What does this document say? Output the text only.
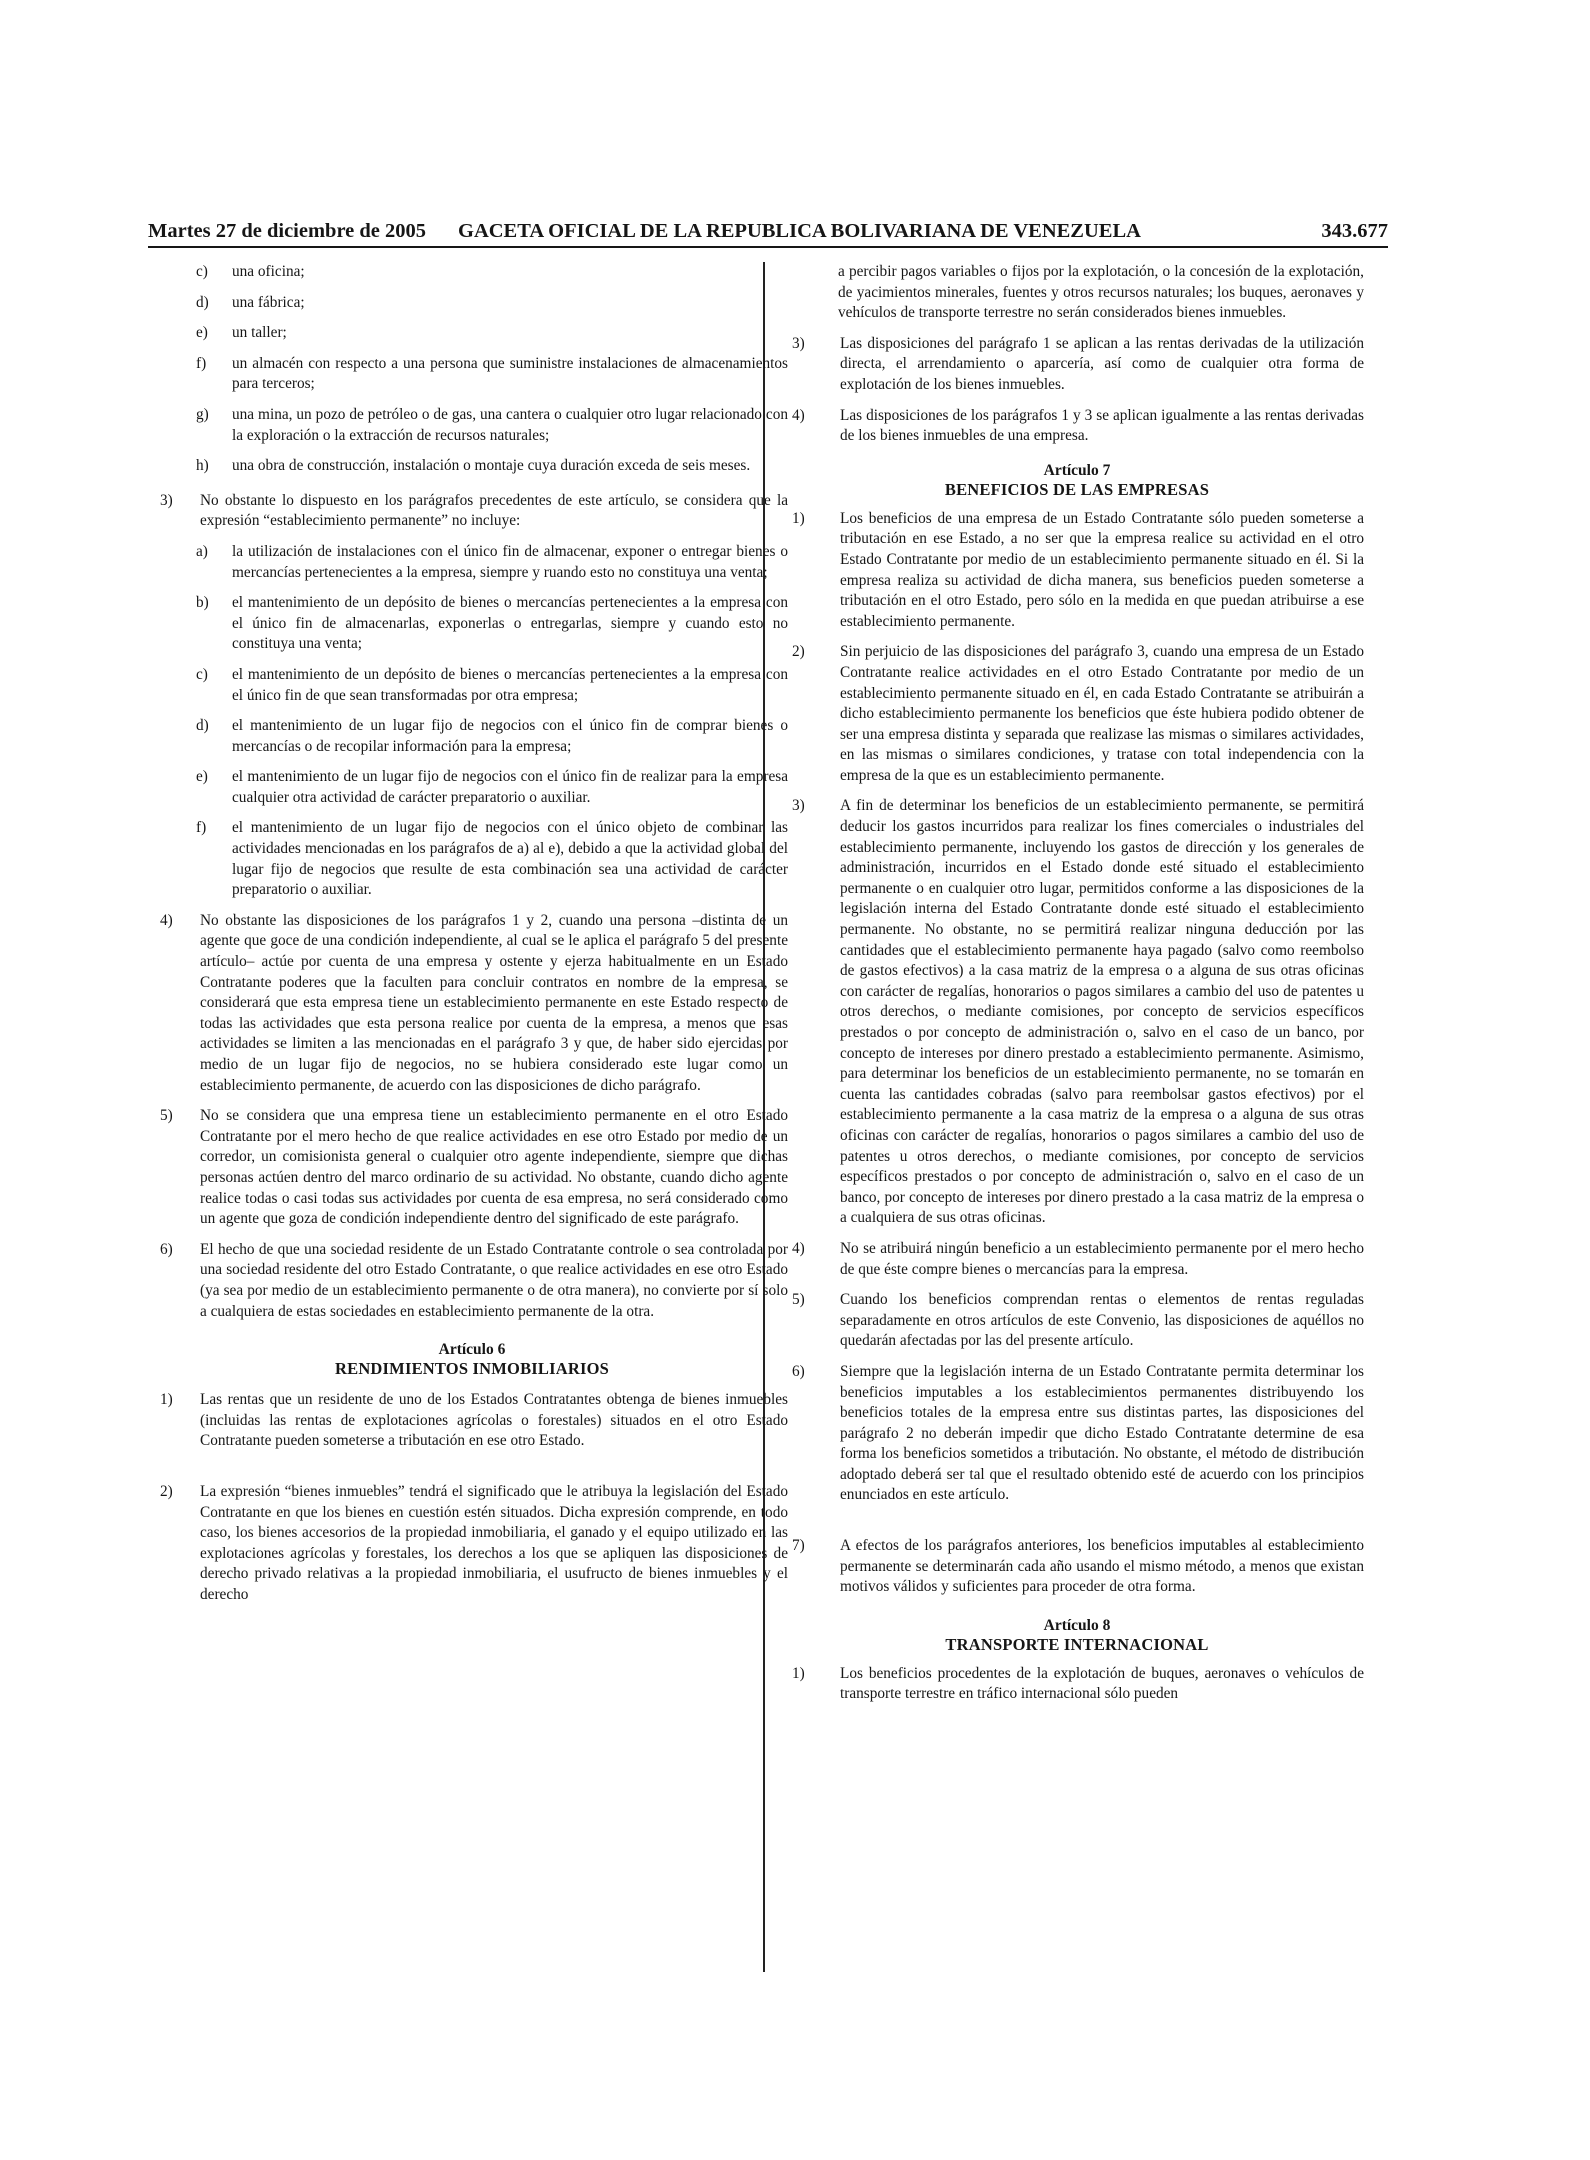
Martes 27 de diciembre de 2005 GACETA OFICIAL DE LA REPUBLICA BOLIVARIANA DE VENEZUELA	343.677
c)	una oficina;
d)	una fábrica;
e)	un taller;
f)	un almacén con respecto a una persona que suministre instalaciones de almacenamientos para terceros;
g)	una mina, un pozo de petróleo o de gas, una cantera o cualquier otro lugar relacionado con la exploración o la extracción de recursos naturales;
h)	una obra de construcción, instalación o montaje cuya duración exceda de seis meses.
3)	No obstante lo dispuesto en los parágrafos precedentes de este artículo, se considera que la expresión “establecimiento permanente” no incluye:
a)	la utilización de instalaciones con el único fin de almacenar, exponer o entregar bienes o mercancías pertenecientes a la empresa, siempre y ruando esto no constituya una venta;
b)	el mantenimiento de un depósito de bienes o mercancías pertenecientes a la empresa con el único fin de almacenarlas, exponerlas o entregarlas, siempre y cuando esto no constituya una venta;
c)	el mantenimiento de un depósito de bienes o mercancías pertenecientes a la empresa con el único fin de que sean transformadas por otra empresa;
d)	el mantenimiento de un lugar fijo de negocios con el único fin de comprar bienes o mercancías o de recopilar información para la empresa;
e)	el mantenimiento de un lugar fijo de negocios con el único fin de realizar para la empresa cualquier otra actividad de carácter preparatorio o auxiliar.
f)	el mantenimiento de un lugar fijo de negocios con el único objeto de combinar las actividades mencionadas en los parágrafos de a) al e), debido a que la actividad global del lugar fijo de negocios que resulte de esta combinación sea una actividad de carácter preparatorio o auxiliar.
4)	No obstante las disposiciones de los parágrafos 1 y 2, cuando una persona –distinta de un agente que goce de una condición independiente, al cual se le aplica el parágrafo 5 del presente artículo– actúe por cuenta de una empresa y ostente y ejerza habitualmente en un Estado Contratante poderes que la faculten para concluir contratos en nombre de la empresa, se considerará que esta empresa tiene un establecimiento permanente en este Estado respecto de todas las actividades que esta persona realice por cuenta de la empresa, a menos que esas actividades se limiten a las mencionadas en el parágrafo 3 y que, de haber sido ejercidas por medio de un lugar fijo de negocios, no se hubiera considerado este lugar como un establecimiento permanente, de acuerdo con las disposiciones de dicho parágrafo.
5)	No se considera que una empresa tiene un establecimiento permanente en el otro Estado Contratante por el mero hecho de que realice actividades en ese otro Estado por medio de un corredor, un comisionista general o cualquier otro agente independiente, siempre que dichas personas actúen dentro del marco ordinario de su actividad. No obstante, cuando dicho agente realice todas o casi todas sus actividades por cuenta de esa empresa, no será considerado como un agente que goza de condición independiente dentro del significado de este parágrafo.
6)	El hecho de que una sociedad residente de un Estado Contratante controle o sea controlada por una sociedad residente del otro Estado Contratante, o que realice actividades en ese otro Estado (ya sea por medio de un establecimiento permanente o de otra manera), no convierte por sí solo a cualquiera de estas sociedades en establecimiento permanente de la otra.
Artículo 6
RENDIMIENTOS INMOBILIARIOS
1)	Las rentas que un residente de uno de los Estados Contratantes obtenga de bienes inmuebles (incluidas las rentas de explotaciones agrícolas o forestales) situados en el otro Estado Contratante pueden someterse a tributación en ese otro Estado.
2)	La expresión “bienes inmuebles” tendrá el significado que le atribuya la legislación del Estado Contratante en que los bienes en cuestión estén situados. Dicha expresión comprende, en todo caso, los bienes accesorios de la propiedad inmobiliaria, el ganado y el equipo utilizado en las explotaciones agrícolas y forestales, los derechos a los que se apliquen las disposiciones de derecho privado relativas a la propiedad inmobiliaria, el usufructo de bienes inmuebles y el derecho
a percibir pagos variables o fijos por la explotación, o la concesión de la explotación, de yacimientos minerales, fuentes y otros recursos naturales; los buques, aeronaves y vehículos de transporte terrestre no serán considerados bienes inmuebles.
3)	Las disposiciones del parágrafo 1 se aplican a las rentas derivadas de la utilización directa, el arrendamiento o aparcería, así como de cualquier otra forma de explotación de los bienes inmuebles.
4)	Las disposiciones de los parágrafos 1 y 3 se aplican igualmente a las rentas derivadas de los bienes inmuebles de una empresa.
Artículo 7
BENEFICIOS DE LAS EMPRESAS
1)	Los beneficios de una empresa de un Estado Contratante sólo pueden someterse a tributación en ese Estado, a no ser que la empresa realice su actividad en el otro Estado Contratante por medio de un establecimiento permanente situado en él. Si la empresa realiza su actividad de dicha manera, sus beneficios pueden someterse a tributación en el otro Estado, pero sólo en la medida en que puedan atribuirse a ese establecimiento permanente.
2)	Sin perjuicio de las disposiciones del parágrafo 3, cuando una empresa de un Estado Contratante realice actividades en el otro Estado Contratante por medio de un establecimiento permanente situado en él, en cada Estado Contratante se atribuirán a dicho establecimiento permanente los beneficios que éste hubiera podido obtener de ser una empresa distinta y separada que realizase las mismas o similares actividades, en las mismas o similares condiciones, y tratase con total independencia con la empresa de la que es un establecimiento permanente.
3)	A fin de determinar los beneficios de un establecimiento permanente, se permitirá deducir los gastos incurridos para realizar los fines comerciales o industriales del establecimiento permanente, incluyendo los gastos de dirección y los generales de administración, incurridos en el Estado donde esté situado el establecimiento permanente o en cualquier otro lugar, permitidos conforme a las disposiciones de la legislación interna del Estado Contratante donde esté situado el establecimiento permanente. No obstante, no se permitirá realizar ninguna deducción por las cantidades que el establecimiento permanente haya pagado (salvo como reembolso de gastos efectivos) a la casa matriz de la empresa o a alguna de sus otras oficinas con carácter de regalías, honorarios o pagos similares a cambio del uso de patentes u otros derechos, o mediante comisiones, por concepto de servicios específicos prestados o por concepto de administración o, salvo en el caso de un banco, por concepto de intereses por dinero prestado a establecimiento permanente. Asimismo, para determinar los beneficios de un establecimiento permanente, no se tomarán en cuenta las cantidades cobradas (salvo para reembolsar gastos efectivos) por el establecimiento permanente a la casa matriz de la empresa o a alguna de sus otras oficinas con carácter de regalías, honorarios o pagos similares a cambio del uso de patentes u otros derechos, o mediante comisiones, por concepto de servicios específicos prestados o por concepto de administración o, salvo en el caso de un banco, por concepto de intereses por dinero prestado a la casa matriz de la empresa o a cualquiera de sus otras oficinas.
4)	No se atribuirá ningún beneficio a un establecimiento permanente por el mero hecho de que éste compre bienes o mercancías para la empresa.
5)	Cuando los beneficios comprendan rentas o elementos de rentas reguladas separadamente en otros artículos de este Convenio, las disposiciones de aquéllos no quedarán afectadas por las del presente artículo.
6)	Siempre que la legislación interna de un Estado Contratante permita determinar los beneficios imputables a los establecimientos permanentes distribuyendo los beneficios totales de la empresa entre sus distintas partes, las disposiciones del parágrafo 2 no deberán impedir que dicho Estado Contratante determine de esa forma los beneficios sometidos a tributación. No obstante, el método de distribución adoptado deberá ser tal que el resultado obtenido esté de acuerdo con los principios enunciados en este artículo.
7)	A efectos de los parágrafos anteriores, los beneficios imputables al establecimiento permanente se determinarán cada año usando el mismo método, a menos que existan motivos válidos y suficientes para proceder de otra forma.
Artículo 8
TRANSPORTE INTERNACIONAL
1)	Los beneficios procedentes de la explotación de buques, aeronaves o vehículos de transporte terrestre en tráfico internacional sólo pueden
